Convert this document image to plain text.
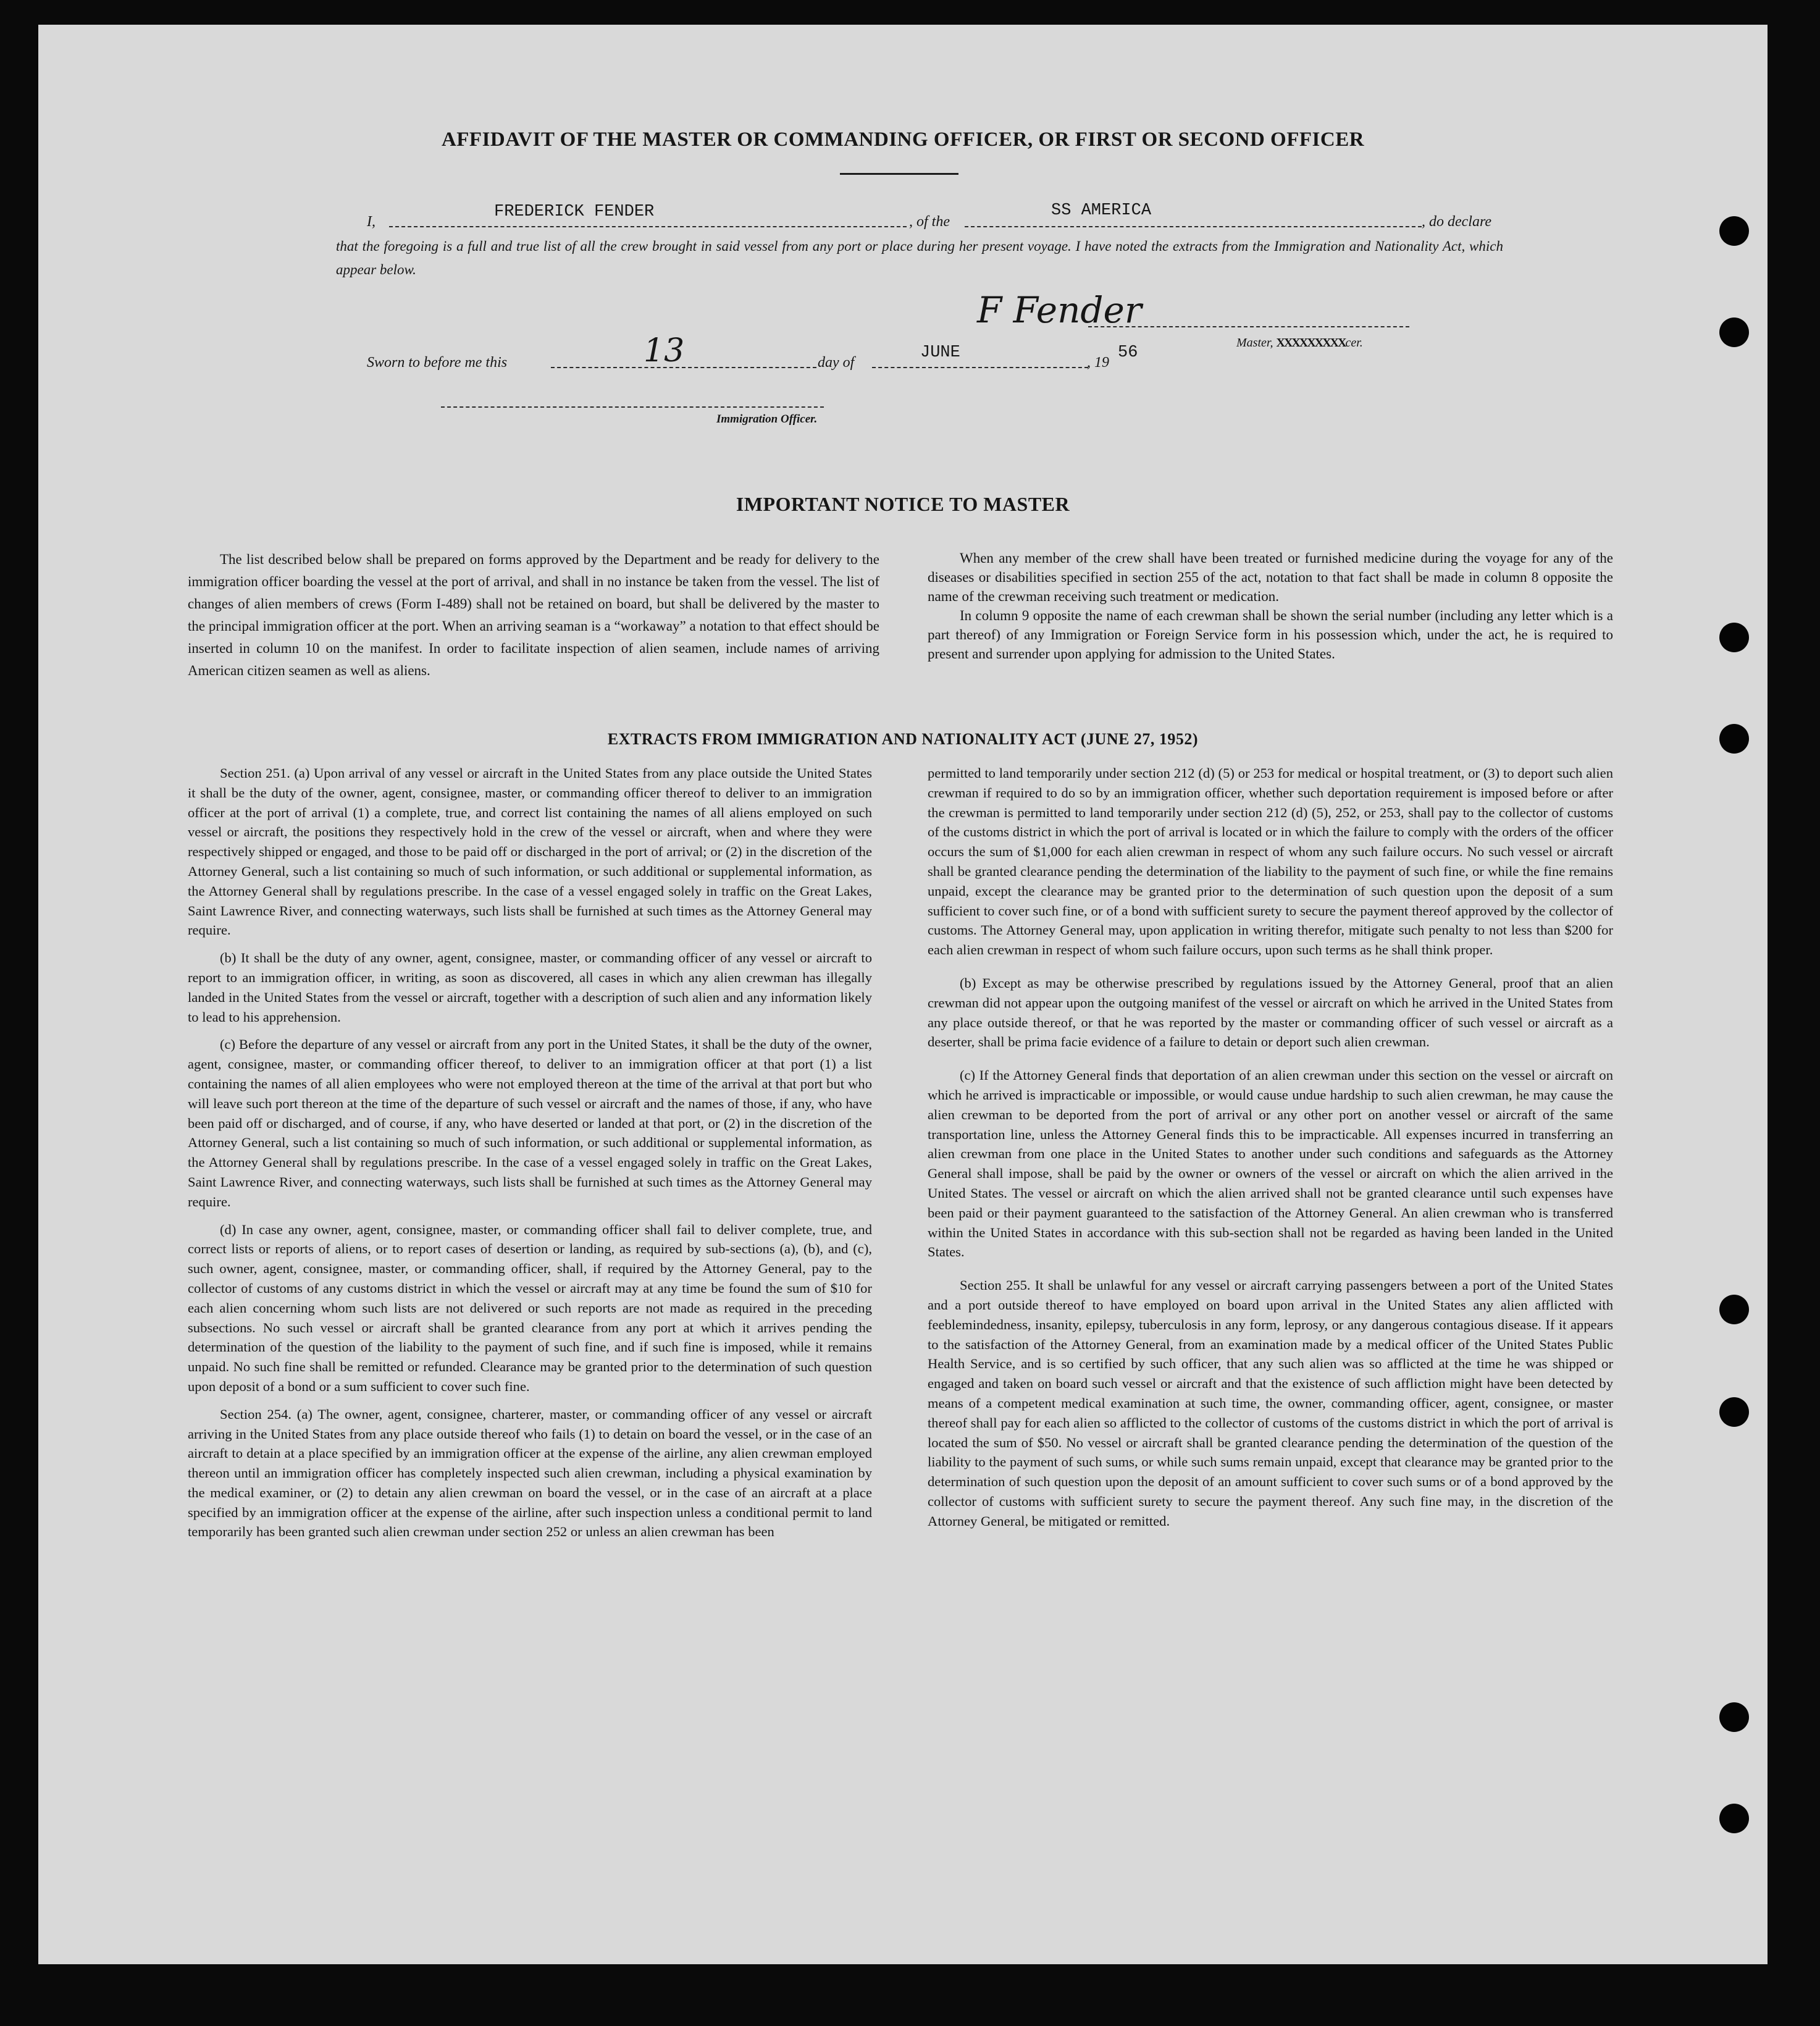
AFFIDAVIT OF THE MASTER OR COMMANDING OFFICER, OR FIRST OR SECOND OFFICER
I,
FREDERICK FENDER
, of the
SS AMERICA
, do declare
that the foregoing is a full and true list of all the crew brought in said vessel from any port or place during her present voyage. I have noted the extracts from the Immigration and Nationality Act, which appear below.
F Fender
Master, XXXXXXXXXcer.
Sworn to before me this	13	day of
JUNE
, 19
56
Immigration Officer.
IMPORTANT NOTICE TO MASTER

The list described below shall be prepared on forms approved by the Department and be ready for delivery to the immigration officer boarding the vessel at the port of arrival, and shall in no instance be taken from the vessel. The list of changes of alien members of crews (Form I-489) shall not be retained on board, but shall be delivered by the master to the principal immigration officer at the port. When an arriving seaman is a “workaway” a notation to that effect should be inserted in column 10 on the manifest. In order to facilitate inspection of alien seamen, include names of arriving American citizen seamen as well as aliens.

When any member of the crew shall have been treated or furnished medicine during the voyage for any of the diseases or disabilities specified in section 255 of the act, notation to that fact shall be made in column 8 opposite the name of the crewman receiving such treatment or medication.

In column 9 opposite the name of each crewman shall be shown the serial number (including any letter which is a part thereof) of any Immigration or Foreign Service form in his possession which, under the act, he is required to present and surrender upon applying for admission to the United States.

EXTRACTS FROM IMMIGRATION AND NATIONALITY ACT (JUNE 27, 1952)

Section 251. (a) Upon arrival of any vessel or aircraft in the United States from any place outside the United States it shall be the duty of the owner, agent, consignee, master, or commanding officer thereof to deliver to an immigration officer at the port of arrival (1) a complete, true, and correct list containing the names of all aliens employed on such vessel or aircraft, the positions they respectively hold in the crew of the vessel or aircraft, when and where they were respectively shipped or engaged, and those to be paid off or discharged in the port of arrival; or (2) in the discretion of the Attorney General, such a list containing so much of such information, or such additional or supplemental information, as the Attorney General shall by regulations prescribe. In the case of a vessel engaged solely in traffic on the Great Lakes, Saint Lawrence River, and connecting waterways, such lists shall be furnished at such times as the Attorney General may require.

(b) It shall be the duty of any owner, agent, consignee, master, or commanding officer of any vessel or aircraft to report to an immigration officer, in writing, as soon as discovered, all cases in which any alien crewman has illegally landed in the United States from the vessel or aircraft, together with a description of such alien and any information likely to lead to his apprehension.

(c) Before the departure of any vessel or aircraft from any port in the United States, it shall be the duty of the owner, agent, consignee, master, or commanding officer thereof, to deliver to an immigration officer at that port (1) a list containing the names of all alien employees who were not employed thereon at the time of the arrival at that port but who will leave such port thereon at the time of the departure of such vessel or aircraft and the names of those, if any, who have been paid off or discharged, and of course, if any, who have deserted or landed at that port, or (2) in the discretion of the Attorney General, such a list containing so much of such information, or such additional or supplemental information, as the Attorney General shall by regulations prescribe. In the case of a vessel engaged solely in traffic on the Great Lakes, Saint Lawrence River, and connecting waterways, such lists shall be furnished at such times as the Attorney General may require.

(d) In case any owner, agent, consignee, master, or commanding officer shall fail to deliver complete, true, and correct lists or reports of aliens, or to report cases of desertion or landing, as required by sub-sections (a), (b), and (c), such owner, agent, consignee, master, or commanding officer, shall, if required by the Attorney General, pay to the collector of customs of any customs district in which the vessel or aircraft may at any time be found the sum of $10 for each alien concerning whom such lists are not delivered or such reports are not made as required in the preceding subsections. No such vessel or aircraft shall be granted clearance from any port at which it arrives pending the determination of the question of the liability to the payment of such fine, and if such fine is imposed, while it remains unpaid. No such fine shall be remitted or refunded. Clearance may be granted prior to the determination of such question upon deposit of a bond or a sum sufficient to cover such fine.

Section 254. (a) The owner, agent, consignee, charterer, master, or commanding officer of any vessel or aircraft arriving in the United States from any place outside thereof who fails (1) to detain on board the vessel, or in the case of an aircraft to detain at a place specified by an immigration officer at the expense of the airline, any alien crewman employed thereon until an immigration officer has completely inspected such alien crewman, including a physical examination by the medical examiner, or (2) to detain any alien crewman on board the vessel, or in the case of an aircraft at a place specified by an immigration officer at the expense of the airline, after such inspection unless a conditional permit to land temporarily has been granted such alien crewman under section 252 or unless an alien crewman has been

permitted to land temporarily under section 212 (d) (5) or 253 for medical or hospital treatment, or (3) to deport such alien crewman if required to do so by an immigration officer, whether such deportation requirement is imposed before or after the crewman is permitted to land temporarily under section 212 (d) (5), 252, or 253, shall pay to the collector of customs of the customs district in which the port of arrival is located or in which the failure to comply with the orders of the officer occurs the sum of $1,000 for each alien crewman in respect of whom any such failure occurs. No such vessel or aircraft shall be granted clearance pending the determination of the liability to the payment of such fine, or while the fine remains unpaid, except the clearance may be granted prior to the determination of such question upon the deposit of a sum sufficient to cover such fine, or of a bond with sufficient surety to secure the payment thereof approved by the collector of customs. The Attorney General may, upon application in writing therefor, mitigate such penalty to not less than $200 for each alien crewman in respect of whom such failure occurs, upon such terms as he shall think proper.

(b) Except as may be otherwise prescribed by regulations issued by the Attorney General, proof that an alien crewman did not appear upon the outgoing manifest of the vessel or aircraft on which he arrived in the United States from any place outside thereof, or that he was reported by the master or commanding officer of such vessel or aircraft as a deserter, shall be prima facie evidence of a failure to detain or deport such alien crewman.

(c) If the Attorney General finds that deportation of an alien crewman under this section on the vessel or aircraft on which he arrived is impracticable or impossible, or would cause undue hardship to such alien crewman, he may cause the alien crewman to be deported from the port of arrival or any other port on another vessel or aircraft of the same transportation line, unless the Attorney General finds this to be impracticable. All expenses incurred in transferring an alien crewman from one place in the United States to another under such conditions and safeguards as the Attorney General shall impose, shall be paid by the owner or owners of the vessel or aircraft on which the alien arrived in the United States. The vessel or aircraft on which the alien arrived shall not be granted clearance until such expenses have been paid or their payment guaranteed to the satisfaction of the Attorney General. An alien crewman who is transferred within the United States in accordance with this sub-section shall not be regarded as having been landed in the United States.

Section 255. It shall be unlawful for any vessel or aircraft carrying passengers between a port of the United States and a port outside thereof to have employed on board upon arrival in the United States any alien afflicted with feeblemindedness, insanity, epilepsy, tuberculosis in any form, leprosy, or any dangerous contagious disease. If it appears to the satisfaction of the Attorney General, from an examination made by a medical officer of the United States Public Health Service, and is so certified by such officer, that any such alien was so afflicted at the time he was shipped or engaged and taken on board such vessel or aircraft and that the existence of such affliction might have been detected by means of a competent medical examination at such time, the owner, commanding officer, agent, consignee, or master thereof shall pay for each alien so afflicted to the collector of customs of the customs district in which the port of arrival is located the sum of $50. No vessel or aircraft shall be granted clearance pending the determination of the question of the liability to the payment of such sums, or while such sums remain unpaid, except that clearance may be granted prior to the determination of such question upon the deposit of an amount sufficient to cover such sums or of a bond approved by the collector of customs with sufficient surety to secure the payment thereof. Any such fine may, in the discretion of the Attorney General, be mitigated or remitted.
